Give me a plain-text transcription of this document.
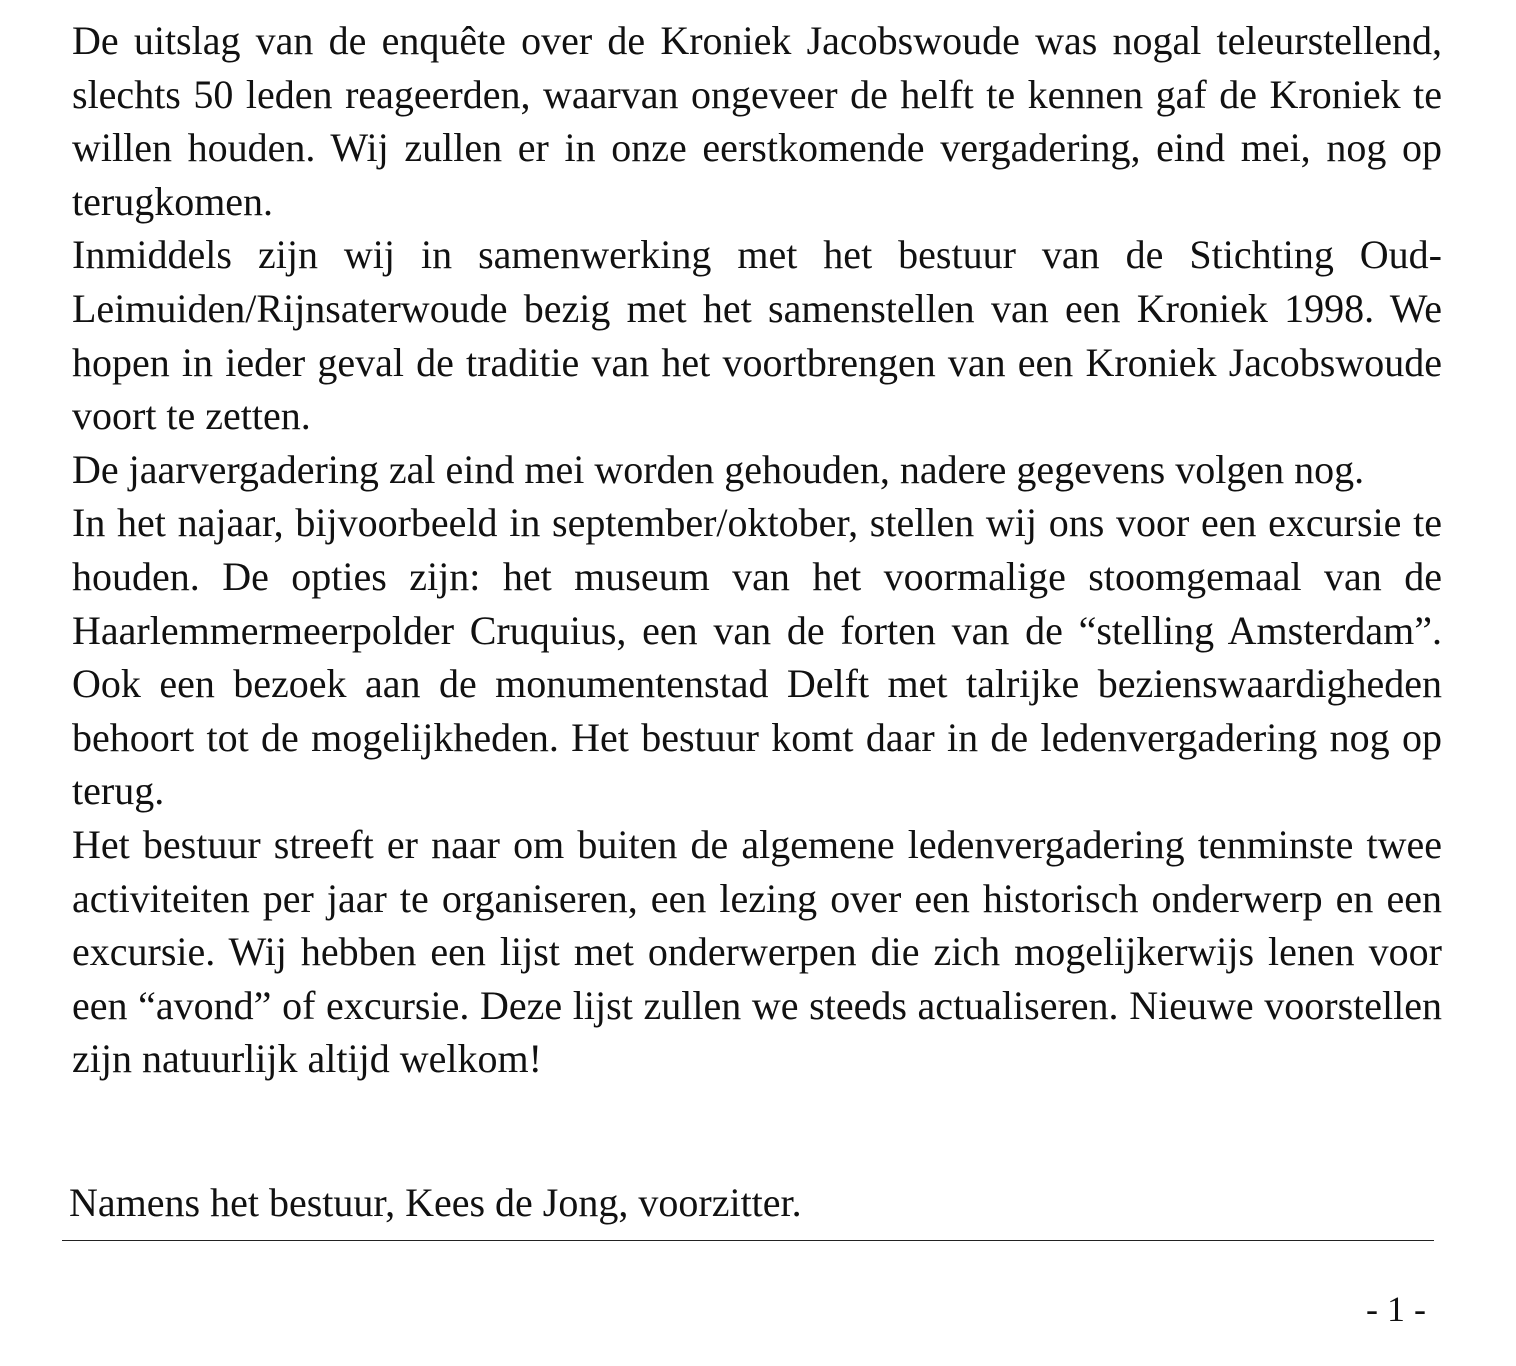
De uitslag van de enquête over de Kroniek Jacobswoude was nogal teleurstellend, slechts 50 leden reageerden, waarvan ongeveer de helft te kennen gaf de Kroniek te willen houden. Wij zullen er in onze eerstkomende vergadering, eind mei, nog op terugkomen.

Inmiddels zijn wij in samenwerking met het bestuur van de Stichting Oud-Leimuiden/Rijnsaterwoude bezig met het samenstellen van een Kroniek 1998. We hopen in ieder geval de traditie van het voortbrengen van een Kroniek Jacobswoude voort te zetten.

De jaarvergadering zal eind mei worden gehouden, nadere gegevens volgen nog.

In het najaar, bijvoorbeeld in september/oktober, stellen wij ons voor een excursie te houden. De opties zijn: het museum van het voormalige stoomgemaal van de Haarlemmermeerpolder Cruquius, een van de forten van de “stelling Amsterdam”. Ook een bezoek aan de monumentenstad Delft met talrijke bezienswaardigheden behoort tot de mogelijkheden. Het bestuur komt daar in de ledenvergadering nog op terug.

Het bestuur streeft er naar om buiten de algemene ledenvergadering tenminste twee activiteiten per jaar te organiseren, een lezing over een historisch onderwerp en een excursie. Wij hebben een lijst met onderwerpen die zich mogelijkerwijs lenen voor een “avond” of excursie. Deze lijst zullen we steeds actualiseren. Nieuwe voorstellen zijn natuurlijk altijd welkom!

Namens het bestuur, Kees de Jong, voorzitter.

- 1 -
